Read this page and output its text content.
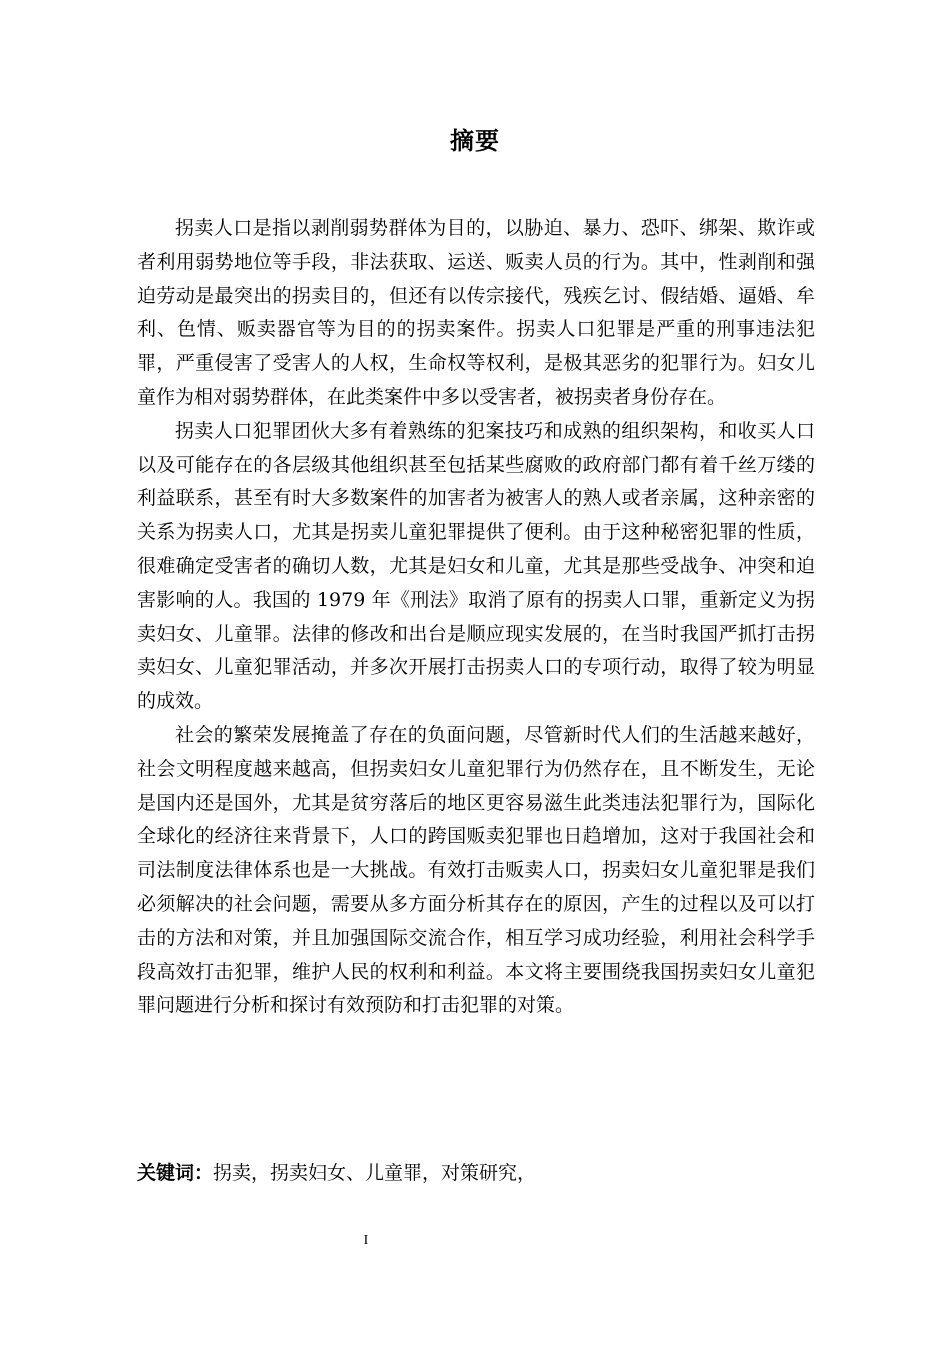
摘要

拐卖人口是指以剥削弱势群体为目的，以胁迫、暴力、恐吓、绑架、欺诈或者利用弱势地位等手段，非法获取、运送、贩卖人员的行为。其中，性剥削和强迫劳动是最突出的拐卖目的，但还有以传宗接代，残疾乞讨、假结婚、逼婚、牟利、色情、贩卖器官等为目的的拐卖案件。拐卖人口犯罪是严重的刑事违法犯罪，严重侵害了受害人的人权，生命权等权利，是极其恶劣的犯罪行为。妇女儿童作为相对弱势群体，在此类案件中多以受害者，被拐卖者身份存在。

拐卖人口犯罪团伙大多有着熟练的犯案技巧和成熟的组织架构，和收买人口以及可能存在的各层级其他组织甚至包括某些腐败的政府部门都有着千丝万缕的利益联系，甚至有时大多数案件的加害者为被害人的熟人或者亲属，这种亲密的关系为拐卖人口，尤其是拐卖儿童犯罪提供了便利。由于这种秘密犯罪的性质，很难确定受害者的确切人数，尤其是妇女和儿童，尤其是那些受战争、冲突和迫害影响的人。我国的 1979 年《刑法》取消了原有的拐卖人口罪，重新定义为拐卖妇女、儿童罪。法律的修改和出台是顺应现实发展的，在当时我国严抓打击拐卖妇女、儿童犯罪活动，并多次开展打击拐卖人口的专项行动，取得了较为明显的成效。

社会的繁荣发展掩盖了存在的负面问题，尽管新时代人们的生活越来越好，社会文明程度越来越高，但拐卖妇女儿童犯罪行为仍然存在，且不断发生，无论是国内还是国外，尤其是贫穷落后的地区更容易滋生此类违法犯罪行为，国际化全球化的经济往来背景下，人口的跨国贩卖犯罪也日趋增加，这对于我国社会和司法制度法律体系也是一大挑战。有效打击贩卖人口，拐卖妇女儿童犯罪是我们必须解决的社会问题，需要从多方面分析其存在的原因，产生的过程以及可以打击的方法和对策，并且加强国际交流合作，相互学习成功经验，利用社会科学手段高效打击犯罪，维护人民的权利和利益。本文将主要围绕我国拐卖妇女儿童犯罪问题进行分析和探讨有效预防和打击犯罪的对策。

关键词：拐卖，拐卖妇女、儿童罪，对策研究，
I
